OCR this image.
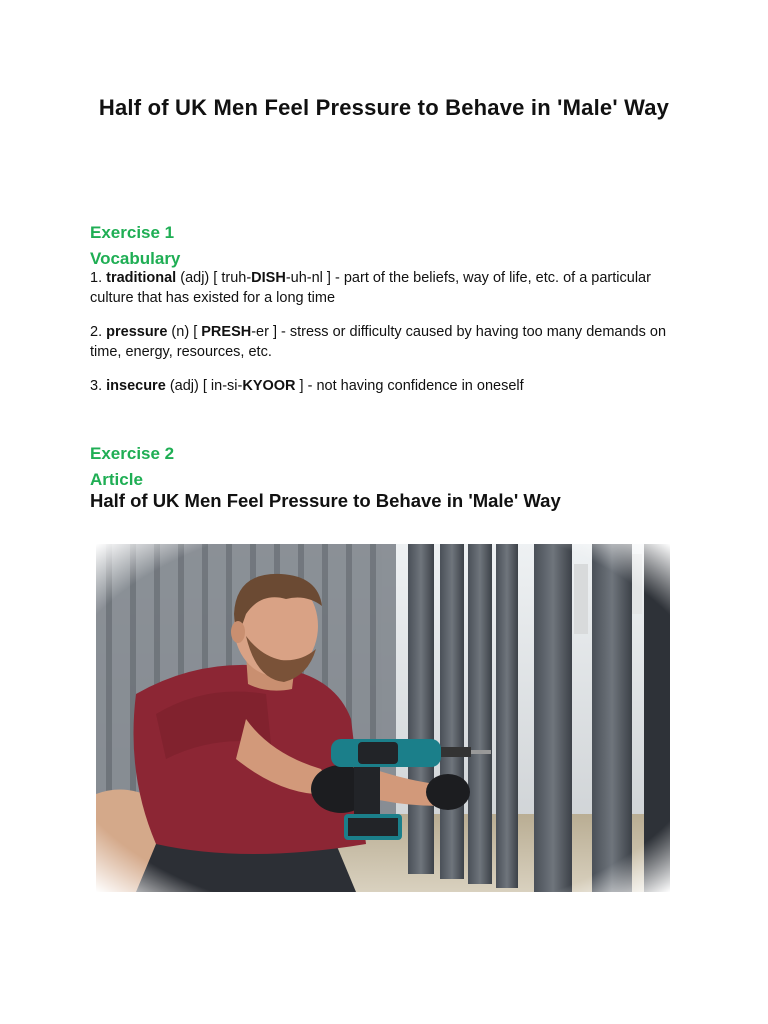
Half of UK Men Feel Pressure to Behave in 'Male' Way
Exercise 1
Vocabulary

1. traditional (adj) [ truh-DISH-uh-nl ] - part of the beliefs, way of life, etc. of a particular culture that has existed for a long time

2. pressure (n) [ PRESH-er ] - stress or difficulty caused by having too many demands on time, energy, resources, etc.

3. insecure (adj) [ in-si-KYOOR ] - not having confidence in oneself

Exercise 2
Article
Half of UK Men Feel Pressure to Behave in 'Male' Way
